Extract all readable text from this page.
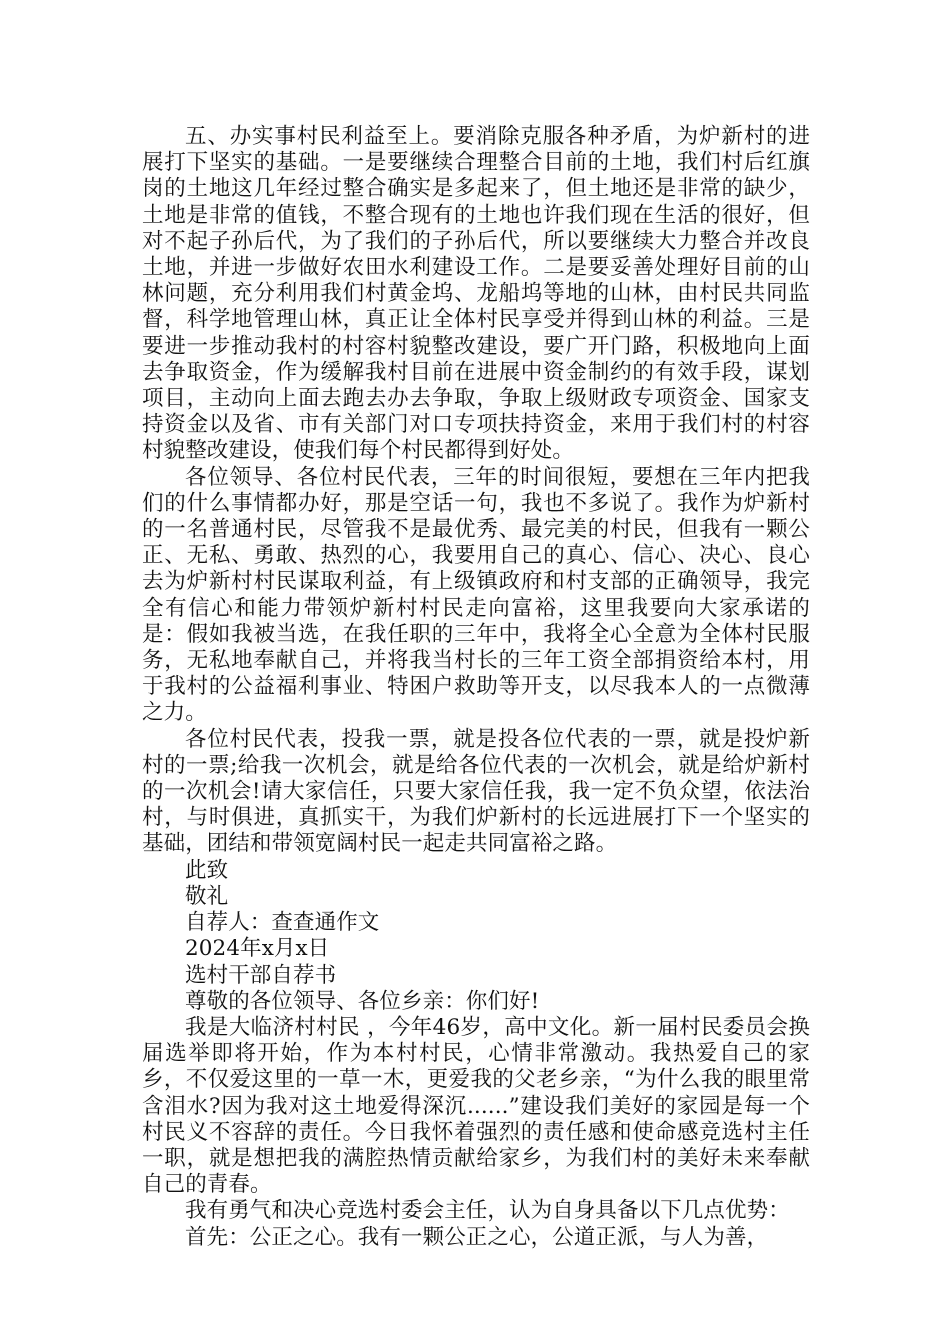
五、办实事村民利益至上。要消除克服各种矛盾，为炉新村的进展打下坚实的基础。一是要继续合理整合目前的土地，我们村后红旗岗的土地这几年经过整合确实是多起来了，但土地还是非常的缺少，土地是非常的值钱，不整合现有的土地也许我们现在生活的很好，但对不起子孙后代，为了我们的子孙后代，所以要继续大力整合并改良土地，并进一步做好农田水利建设工作。二是要妥善处理好目前的山林问题，充分利用我们村黄金坞、龙船坞等地的山林，由村民共同监督，科学地管理山林，真正让全体村民享受并得到山林的利益。三是要进一步推动我村的村容村貌整改建设，要广开门路，积极地向上面去争取资金，作为缓解我村目前在进展中资金制约的有效手段，谋划项目，主动向上面去跑去办去争取，争取上级财政专项资金、国家支持资金以及省、市有关部门对口专项扶持资金，来用于我们村的村容村貌整改建设，使我们每个村民都得到好处。

各位领导、各位村民代表，三年的时间很短，要想在三年内把我们的什么事情都办好，那是空话一句，我也不多说了。我作为炉新村的一名普通村民，尽管我不是最优秀、最完美的村民，但我有一颗公正、无私、勇敢、热烈的心，我要用自己的真心、信心、决心、良心去为炉新村村民谋取利益，有上级镇政府和村支部的正确领导，我完全有信心和能力带领炉新村村民走向富裕，这里我要向大家承诺的是：假如我被当选，在我任职的三年中，我将全心全意为全体村民服务，无私地奉献自己，并将我当村长的三年工资全部捐资给本村，用于我村的公益福利事业、特困户救助等开支，以尽我本人的一点微薄之力。

各位村民代表，投我一票，就是投各位代表的一票，就是投炉新村的一票;给我一次机会，就是给各位代表的一次机会，就是给炉新村的一次机会!请大家信任，只要大家信任我，我一定不负众望，依法治村，与时俱进，真抓实干，为我们炉新村的长远进展打下一个坚实的基础，团结和带领宽阔村民一起走共同富裕之路。

此致

敬礼

自荐人：查查通作文

2024年x月x日

选村干部自荐书

尊敬的各位领导、各位乡亲：你们好!

我是大临济村村民 ，今年46岁，高中文化。新一届村民委员会换届选举即将开始，作为本村村民，心情非常激动。我热爱自己的家乡，不仅爱这里的一草一木，更爱我的父老乡亲，“为什么我的眼里常含泪水?因为我对这土地爱得深沉......”建设我们美好的家园是每一个村民义不容辞的责任。今日我怀着强烈的责任感和使命感竞选村主任一职，就是想把我的满腔热情贡献给家乡，为我们村的美好未来奉献自己的青春。

我有勇气和决心竞选村委会主任，认为自身具备以下几点优势：

首先：公正之心。我有一颗公正之心，公道正派，与人为善，
